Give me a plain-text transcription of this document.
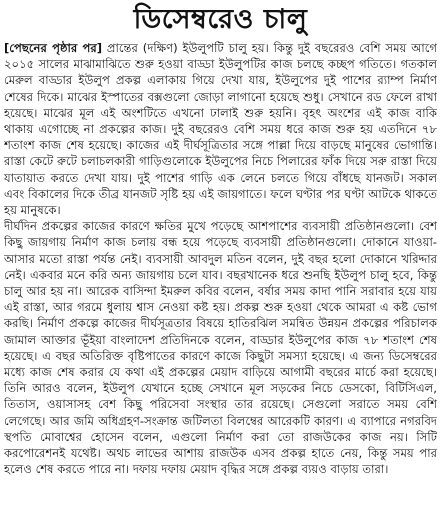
ডিসেম্বরেও চালু

[পেছনের পৃষ্ঠার পর] প্রান্তের (দক্ষিণ) ইউলুপটি চালু হয়। কিন্তু দুই বছরেরও বেশি সময় আগে ২০১৫ সালের মাঝামাঝিতে শুরু হওয়া বাড্ডা ইউলুপটির কাজ চলছে কচ্ছপ গতিতে। গতকাল মেরুল বাড্ডার ইউলুপ প্রকল্প এলাকায় গিয়ে দেখা যায়, ইউলুপের দুই পাশের র‍্যাম্প নির্মাণ শেষের দিকে। মাঝের ইস্পাতের বক্সগুলো জোড়া লাগানো হয়েছে শুধু। সেখানে রড ফেলে রাখা হয়েছে। মাঝের মূল এই অংশটিতে এখনো ঢালাই শুরু হয়নি। বৃহৎ অংশের এই কাজ বাকি থাকায় এগোচ্ছে না প্রকল্পের কাজ। দুই বছরেরও বেশি সময় ধরে কাজ শুরু হয় এতদিনে ৭৮ শতাংশ কাজ শেষ হয়েছে। কাজের এই দীর্ঘসূত্রিতার সঙ্গে পাল্লা দিয়ে বাড়ছে মানুষের ভোগান্তি। রাস্তা কেটে রুটে চলাচলকারী গাড়িগুলোকে ইউলুপের নিচে পিলারের ফাঁক দিয়ে সরু রাস্তা দিয়ে যাতায়াত করতে দেখা যায়। দুই পাশের গাড়ি এক লেনে চলতে গিয়ে বাঁধছে যানজট। সকাল এবং বিকালের দিকে তীব্র যানজট সৃষ্টি হয় এই জায়গাতে। ফলে ঘণ্টার পর ঘণ্টা আটকে থাকতে হয় মানুষকে।

দীর্ঘদিন প্রকল্পের কাজের কারণে ক্ষতির মুখে পড়েছে আশপাশের ব্যবসায়ী প্রতিষ্ঠানগুলো। বেশ কিছু জায়গায় নির্মাণ কাজ চলায় বন্ধ হয়ে পড়েছে ব্যবসায়ী প্রতিষ্ঠানগুলো। দোকানে যাওয়া-আসার মতো রাস্তা পর্যন্ত নেই। ব্যবসায়ী আবদুল মতিন বলেন, দুই বছর হলো দোকানে খরিদ্দার নেই। একবার মনে করি অন্য জায়গায় চলে যাব। বছরখানেক ধরে শুনছি ইউলুপ চালু হবে, কিন্তু চালু আর হয় না। আরেক বাসিন্দা ইমরুল কবির বলেন, বর্ষার সময় কাদা পানি সরাবার হয়ে যায় এই রাস্তা, আর গরমে ধুলায় শ্বাস নেওয়া কষ্ট হয়। প্রকল্প শুরু হওয়া থেকে আমরা এ কষ্ট ভোগ করছি। নির্মাণ প্রকল্পে কাজের দীর্ঘসূত্রতার বিষয়ে হাতিরঝিল সমন্বিত উন্নয়ন প্রকল্পের পরিচালক জামাল আক্তার ভূঁইয়া বাংলাদেশ প্রতিদিনকে বলেন, বাড্ডার ইউলুপের কাজ ৭৮ শতাংশ শেষ হয়েছে। এ বছর অতিরিক্ত বৃষ্টিপাতের কারণে কাজে কিছুটা সমস্যা হয়েছে। এ জন্য ডিসেম্বরের মধ্যে কাজ শেষ করার যে কথা এই প্রকল্পের মেয়াদ বাড়িয়ে আগামী বছরের মার্চে করা হয়েছে। তিনি আরও বলেন, ইউলুপ যেখানে হচ্ছে সেখানে মূল সড়কের নিচে ডেসকো, বিটিসিএল, তিতাস, ওয়াসাসহ বেশ কিছু পরিসেবা সংস্থার তার রয়েছে। সেগুলো সরাতে সময় বেশি লেগেছে। আর জমি অধিগ্রহণ-সংক্রান্ত জটিলতা বিলম্বের আরেকটি কারণ। এ ব্যাপারে নগরবিদ স্থপতি মোবাশ্বের হোসেন বলেন, এগুলো নির্মাণ করা তো রাজউকের কাজ নয়। সিটি করপোরেশনই যথেষ্ট। অথচ লাভের আশায় রাজউক এসব প্রকল্প হাতে নেয়, কিন্তু সময় পার হলেও শেষ করতে পারে না। দফায় দফায় মেয়াদ বৃদ্ধির সঙ্গে প্রকল্প ব্যয়ও বাড়ায় তারা।
